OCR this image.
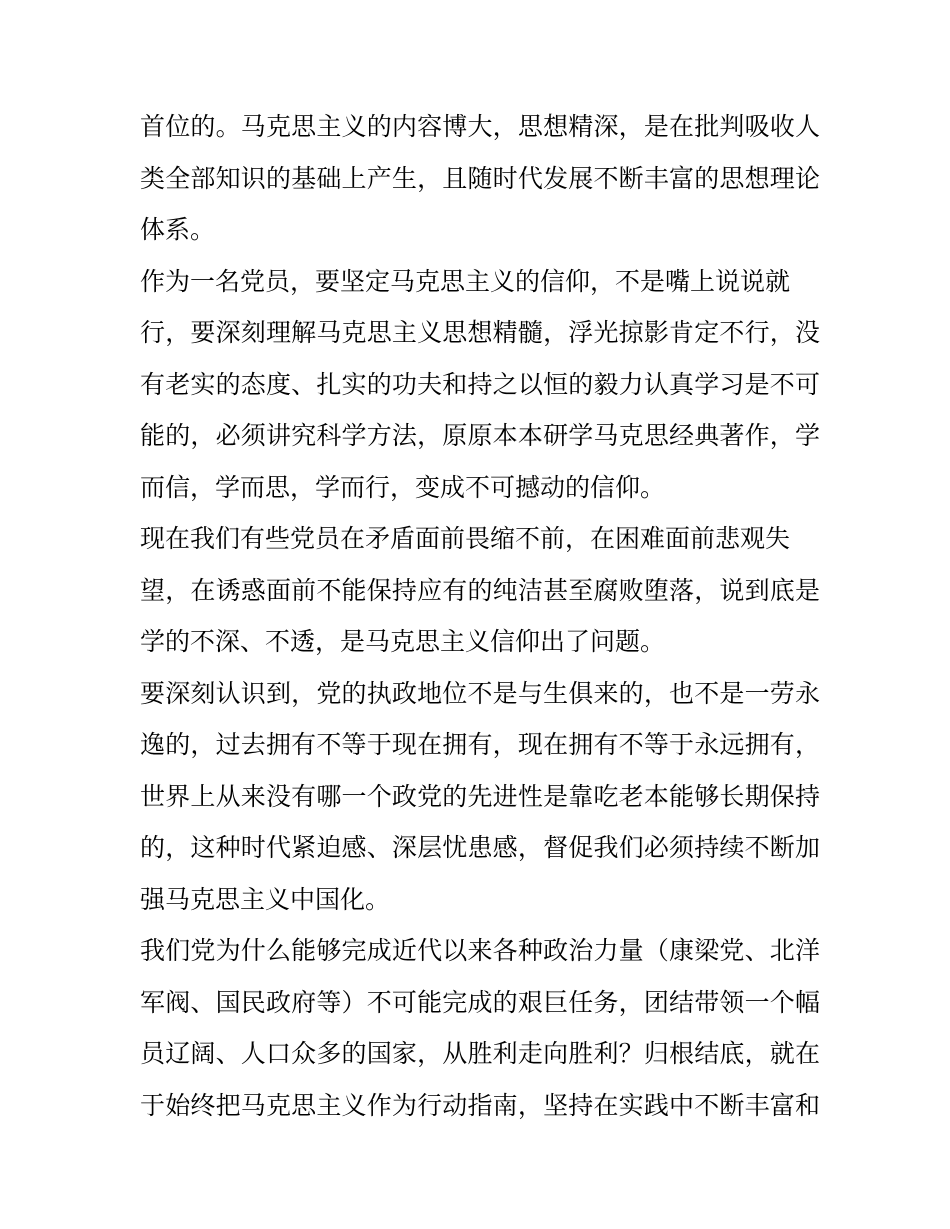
首位的。马克思主义的内容博大，思想精深，是在批判吸收人
类全部知识的基础上产生，且随时代发展不断丰富的思想理论
体系。
作为一名党员，要坚定马克思主义的信仰，不是嘴上说说就
行，要深刻理解马克思主义思想精髓，浮光掠影肯定不行，没
有老实的态度、扎实的功夫和持之以恒的毅力认真学习是不可
能的，必须讲究科学方法，原原本本研学马克思经典著作，学
而信，学而思，学而行，变成不可撼动的信仰。
现在我们有些党员在矛盾面前畏缩不前，在困难面前悲观失
望，在诱惑面前不能保持应有的纯洁甚至腐败堕落，说到底是
学的不深、不透，是马克思主义信仰出了问题。
要深刻认识到，党的执政地位不是与生俱来的，也不是一劳永
逸的，过去拥有不等于现在拥有，现在拥有不等于永远拥有，
世界上从来没有哪一个政党的先进性是靠吃老本能够长期保持
的，这种时代紧迫感、深层忧患感，督促我们必须持续不断加
强马克思主义中国化。
我们党为什么能够完成近代以来各种政治力量（康梁党、北洋
军阀、国民政府等）不可能完成的艰巨任务，团结带领一个幅
员辽阔、人口众多的国家，从胜利走向胜利？归根结底，就在
于始终把马克思主义作为行动指南，坚持在实践中不断丰富和
